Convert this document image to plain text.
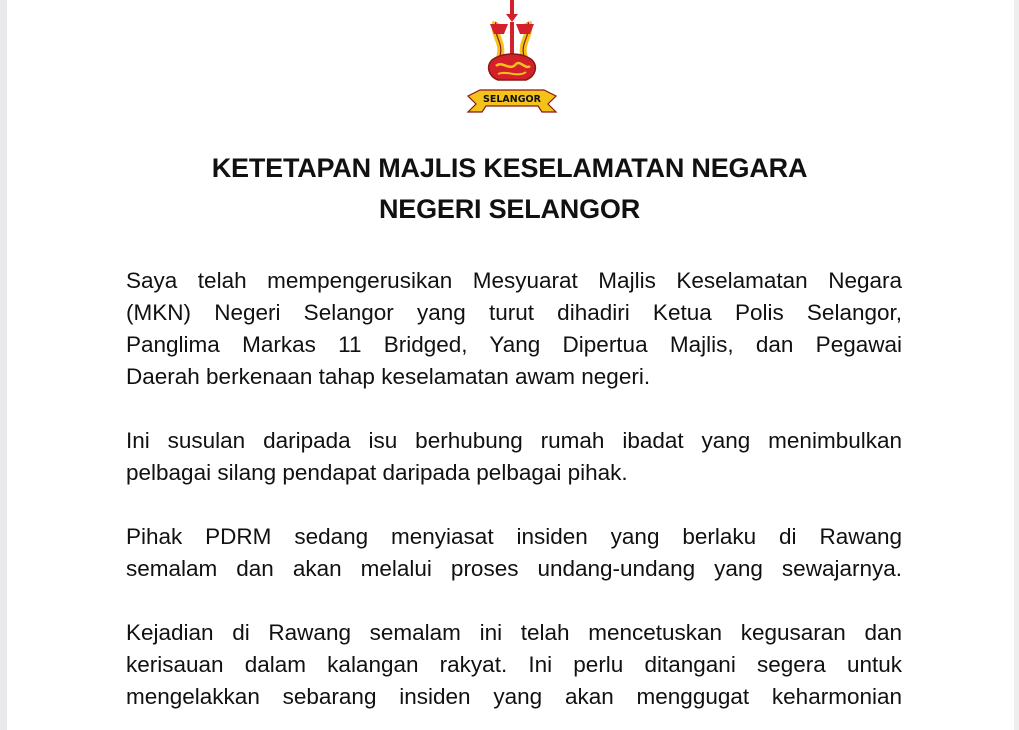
SELANGOR
KETETAPAN MAJLIS KESELAMATAN NEGARA
NEGERI SELANGOR
Saya telah mempengerusikan Mesyuarat Majlis Keselamatan Negara
(MKN) Negeri Selangor yang turut dihadiri Ketua Polis Selangor,
Panglima Markas 11 Bridged, Yang Dipertua Majlis, dan Pegawai
Daerah berkenaan tahap keselamatan awam negeri.
Ini susulan daripada isu berhubung rumah ibadat yang menimbulkan
pelbagai silang pendapat daripada pelbagai pihak.
Pihak PDRM sedang menyiasat insiden yang berlaku di Rawang
semalam dan akan melalui proses undang-undang yang sewajarnya.
Kejadian di Rawang semalam ini telah mencetuskan kegusaran dan
kerisauan dalam kalangan rakyat. Ini perlu ditangani segera untuk
mengelakkan sebarang insiden yang akan menggugat keharmonian
